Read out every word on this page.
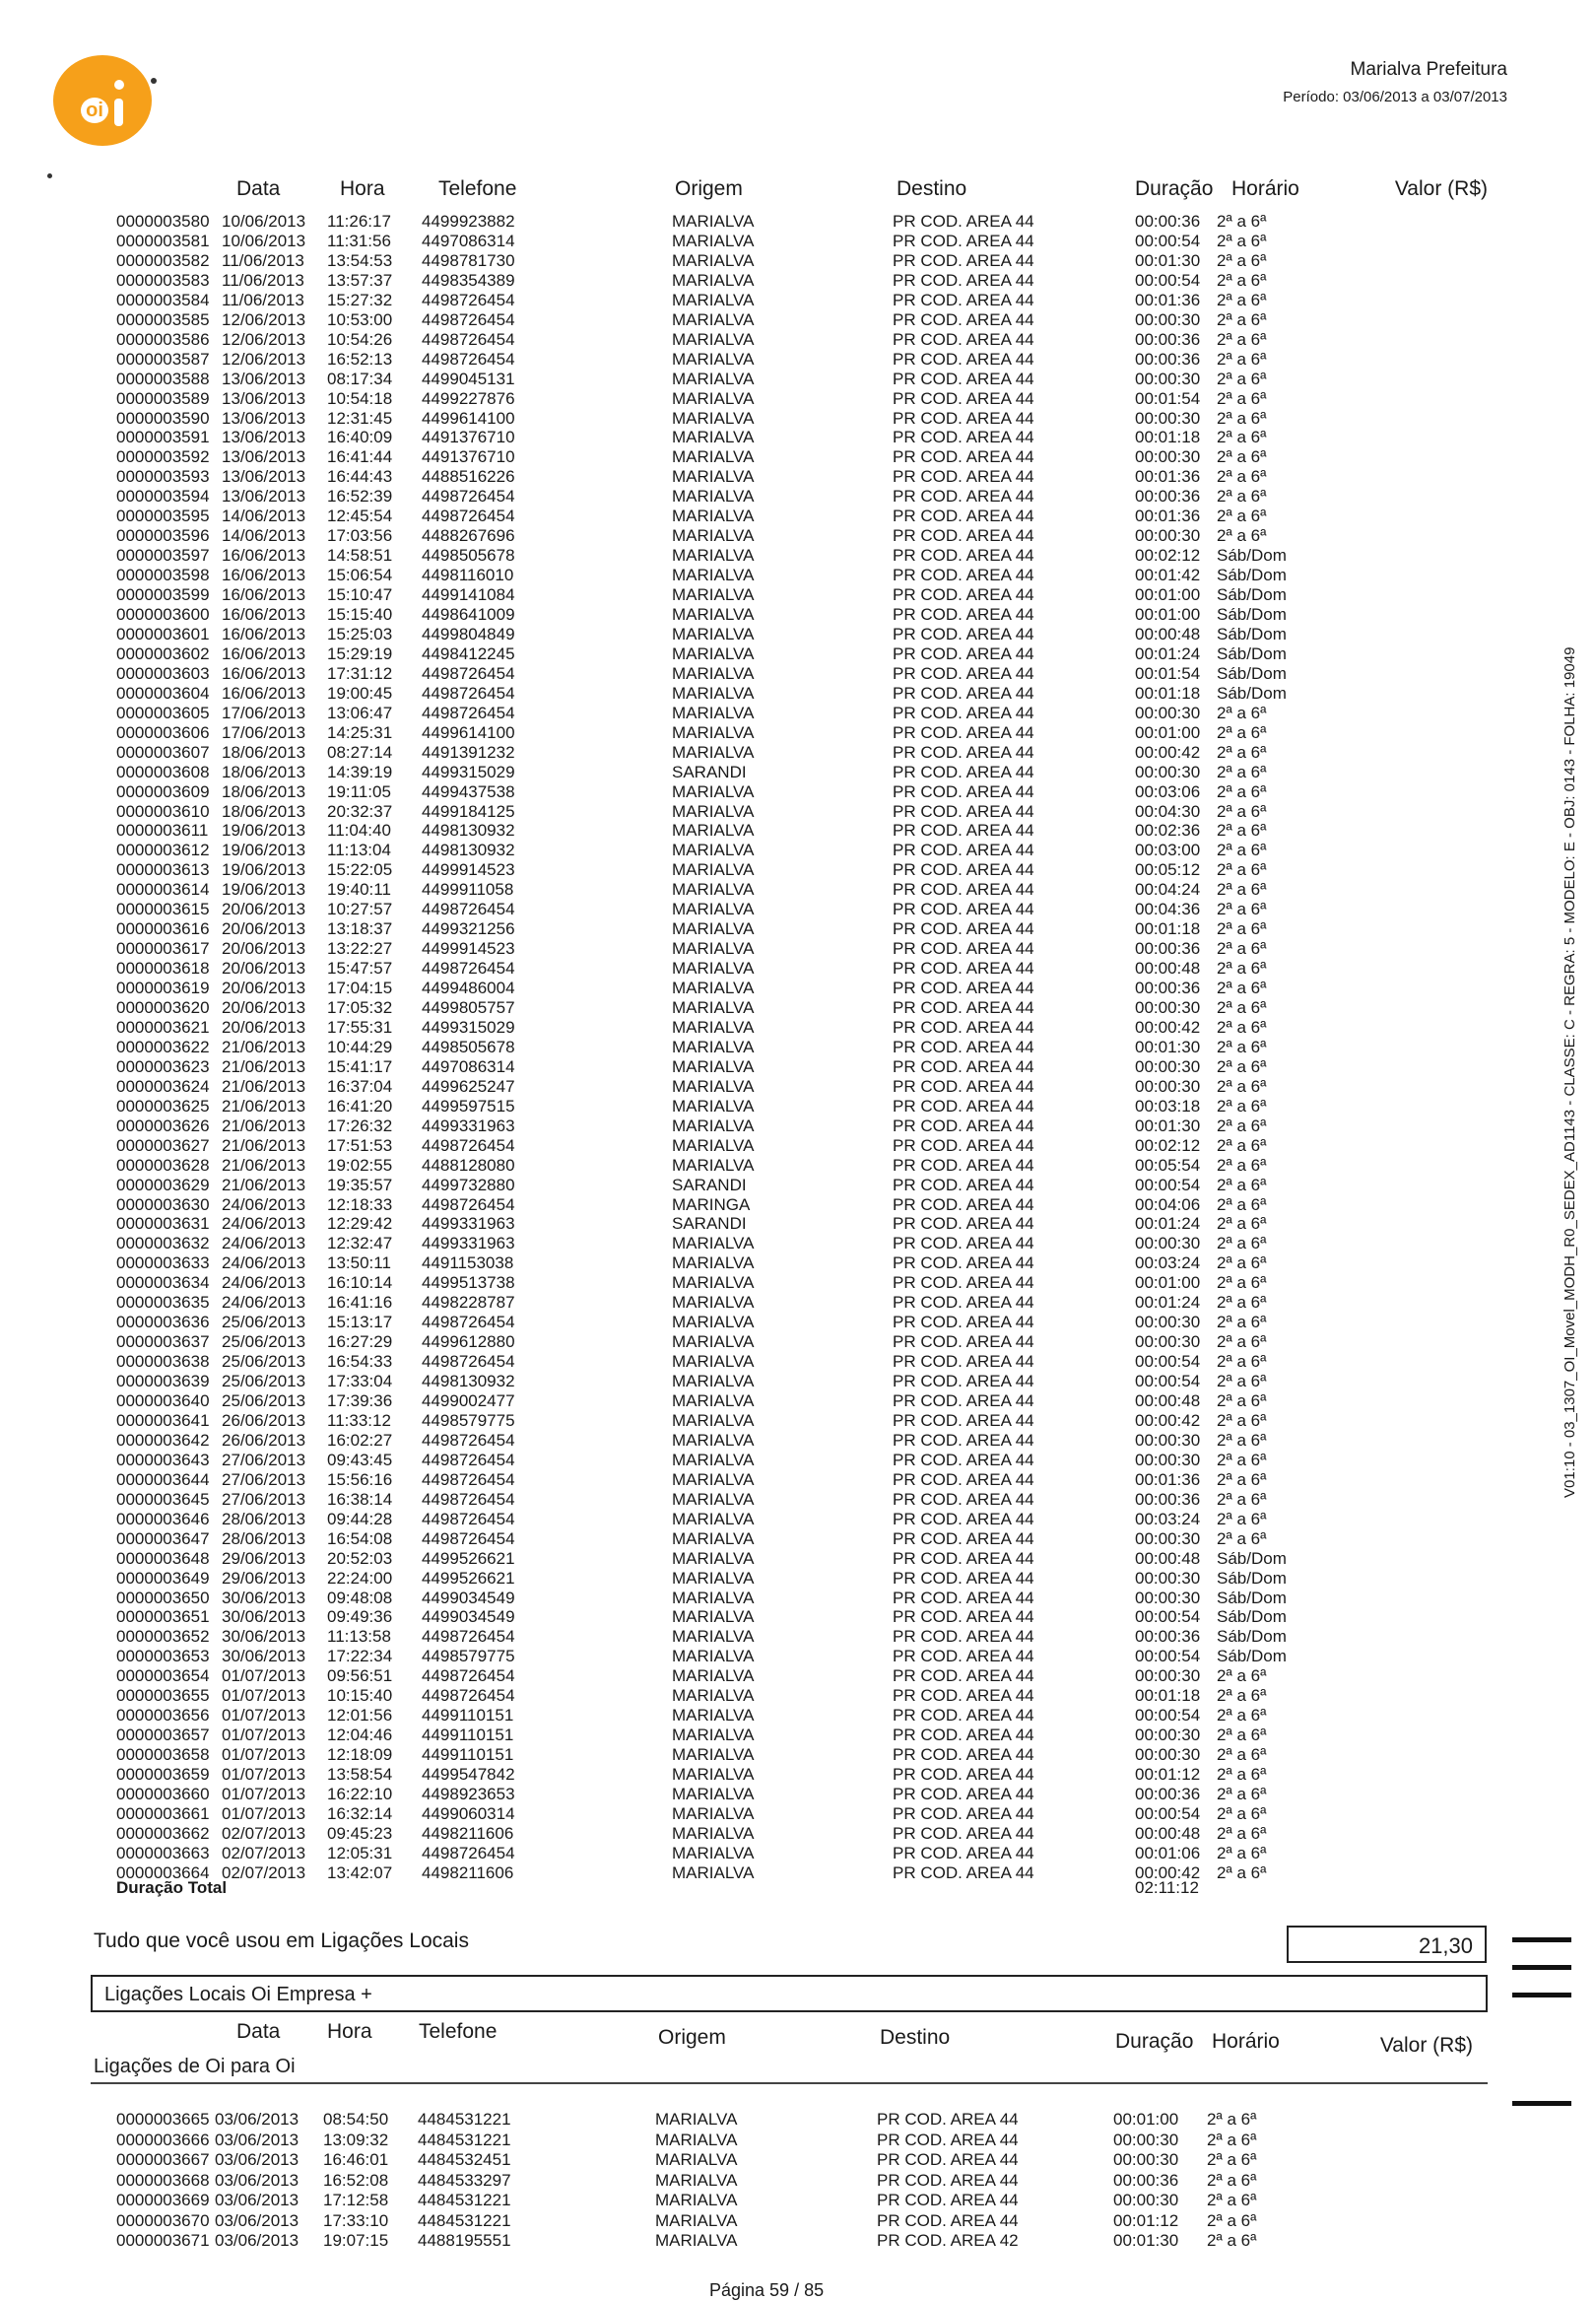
oi
Marialva Prefeitura
Período: 03/06/2013 a 03/07/2013
Data	Hora	Telefone	Origem	Destino	Duração Horário	Valor (R$)
0000003580 10/06/2013 11:26:17 4499923882	MARIALVA	PR COD. AREA 44	00:00:36 2ª a 6ª
0000003581 10/06/2013 11:31:56 4497086314	MARIALVA	PR COD. AREA 44	00:00:54 2ª a 6ª
0000003582 11/06/2013 13:54:53 4498781730	MARIALVA	PR COD. AREA 44	00:01:30 2ª a 6ª
0000003583 11/06/2013 13:57:37 4498354389	MARIALVA	PR COD. AREA 44	00:00:54 2ª a 6ª
0000003584 11/06/2013 15:27:32 4498726454	MARIALVA	PR COD. AREA 44	00:01:36 2ª a 6ª
0000003585 12/06/2013 10:53:00 4498726454	MARIALVA	PR COD. AREA 44	00:00:30 2ª a 6ª
0000003586 12/06/2013 10:54:26 4498726454	MARIALVA	PR COD. AREA 44	00:00:36 2ª a 6ª
0000003587 12/06/2013 16:52:13 4498726454	MARIALVA	PR COD. AREA 44	00:00:36 2ª a 6ª
0000003588 13/06/2013 08:17:34 4499045131	MARIALVA	PR COD. AREA 44	00:00:30 2ª a 6ª
0000003589 13/06/2013 10:54:18 4499227876	MARIALVA	PR COD. AREA 44	00:01:54 2ª a 6ª
0000003590 13/06/2013 12:31:45 4499614100	MARIALVA	PR COD. AREA 44	00:00:30 2ª a 6ª
0000003591 13/06/2013 16:40:09 4491376710	MARIALVA	PR COD. AREA 44	00:01:18 2ª a 6ª
0000003592 13/06/2013 16:41:44 4491376710	MARIALVA	PR COD. AREA 44	00:00:30 2ª a 6ª
0000003593 13/06/2013 16:44:43 4488516226	MARIALVA	PR COD. AREA 44	00:01:36 2ª a 6ª
0000003594 13/06/2013 16:52:39 4498726454	MARIALVA	PR COD. AREA 44	00:00:36 2ª a 6ª
0000003595 14/06/2013 12:45:54 4498726454	MARIALVA	PR COD. AREA 44	00:01:36 2ª a 6ª
0000003596 14/06/2013 17:03:56 4488267696	MARIALVA	PR COD. AREA 44	00:00:30 2ª a 6ª
0000003597 16/06/2013 14:58:51 4498505678	MARIALVA	PR COD. AREA 44	00:02:12 Sáb/Dom
0000003598 16/06/2013 15:06:54 4498116010	MARIALVA	PR COD. AREA 44	00:01:42 Sáb/Dom
0000003599 16/06/2013 15:10:47 4499141084	MARIALVA	PR COD. AREA 44	00:01:00 Sáb/Dom
0000003600 16/06/2013 15:15:40 4498641009	MARIALVA	PR COD. AREA 44	00:01:00 Sáb/Dom
0000003601 16/06/2013 15:25:03 4499804849	MARIALVA	PR COD. AREA 44	00:00:48 Sáb/Dom
0000003602 16/06/2013 15:29:19 4498412245	MARIALVA	PR COD. AREA 44	00:01:24 Sáb/Dom
0000003603 16/06/2013 17:31:12 4498726454	MARIALVA	PR COD. AREA 44	00:01:54 Sáb/Dom
0000003604 16/06/2013 19:00:45 4498726454	MARIALVA	PR COD. AREA 44	00:01:18 Sáb/Dom
0000003605 17/06/2013 13:06:47 4498726454	MARIALVA	PR COD. AREA 44	00:00:30 2ª a 6ª
0000003606 17/06/2013 14:25:31 4499614100	MARIALVA	PR COD. AREA 44	00:01:00 2ª a 6ª
0000003607 18/06/2013 08:27:14 4491391232	MARIALVA	PR COD. AREA 44	00:00:42 2ª a 6ª
0000003608 18/06/2013 14:39:19 4499315029	SARANDI	PR COD. AREA 44	00:00:30 2ª a 6ª
0000003609 18/06/2013 19:11:05 4499437538	MARIALVA	PR COD. AREA 44	00:03:06 2ª a 6ª
0000003610 18/06/2013 20:32:37 4499184125	MARIALVA	PR COD. AREA 44	00:04:30 2ª a 6ª
0000003611 19/06/2013 11:04:40 4498130932	MARIALVA	PR COD. AREA 44	00:02:36 2ª a 6ª
0000003612 19/06/2013 11:13:04 4498130932	MARIALVA	PR COD. AREA 44	00:03:00 2ª a 6ª
0000003613 19/06/2013 15:22:05 4499914523	MARIALVA	PR COD. AREA 44	00:05:12 2ª a 6ª
0000003614 19/06/2013 19:40:11 4499911058	MARIALVA	PR COD. AREA 44	00:04:24 2ª a 6ª
0000003615 20/06/2013 10:27:57 4498726454	MARIALVA	PR COD. AREA 44	00:04:36 2ª a 6ª
0000003616 20/06/2013 13:18:37 4499321256	MARIALVA	PR COD. AREA 44	00:01:18 2ª a 6ª
0000003617 20/06/2013 13:22:27 4499914523	MARIALVA	PR COD. AREA 44	00:00:36 2ª a 6ª
0000003618 20/06/2013 15:47:57 4498726454	MARIALVA	PR COD. AREA 44	00:00:48 2ª a 6ª
0000003619 20/06/2013 17:04:15 4499486004	MARIALVA	PR COD. AREA 44	00:00:36 2ª a 6ª
0000003620 20/06/2013 17:05:32 4499805757	MARIALVA	PR COD. AREA 44	00:00:30 2ª a 6ª
0000003621 20/06/2013 17:55:31 4499315029	MARIALVA	PR COD. AREA 44	00:00:42 2ª a 6ª
0000003622 21/06/2013 10:44:29 4498505678	MARIALVA	PR COD. AREA 44	00:01:30 2ª a 6ª
0000003623 21/06/2013 15:41:17 4497086314	MARIALVA	PR COD. AREA 44	00:00:30 2ª a 6ª
0000003624 21/06/2013 16:37:04 4499625247	MARIALVA	PR COD. AREA 44	00:00:30 2ª a 6ª
0000003625 21/06/2013 16:41:20 4499597515	MARIALVA	PR COD. AREA 44	00:03:18 2ª a 6ª
0000003626 21/06/2013 17:26:32 4499331963	MARIALVA	PR COD. AREA 44	00:01:30 2ª a 6ª
0000003627 21/06/2013 17:51:53 4498726454	MARIALVA	PR COD. AREA 44	00:02:12 2ª a 6ª
0000003628 21/06/2013 19:02:55 4488128080	MARIALVA	PR COD. AREA 44	00:05:54 2ª a 6ª
0000003629 21/06/2013 19:35:57 4499732880	SARANDI	PR COD. AREA 44	00:00:54 2ª a 6ª
0000003630 24/06/2013 12:18:33 4498726454	MARINGA	PR COD. AREA 44	00:04:06 2ª a 6ª
0000003631 24/06/2013 12:29:42 4499331963	SARANDI	PR COD. AREA 44	00:01:24 2ª a 6ª
0000003632 24/06/2013 12:32:47 4499331963	MARIALVA	PR COD. AREA 44	00:00:30 2ª a 6ª
0000003633 24/06/2013 13:50:11 4491153038	MARIALVA	PR COD. AREA 44	00:03:24 2ª a 6ª
0000003634 24/06/2013 16:10:14 4499513738	MARIALVA	PR COD. AREA 44	00:01:00 2ª a 6ª
0000003635 24/06/2013 16:41:16 4498228787	MARIALVA	PR COD. AREA 44	00:01:24 2ª a 6ª
0000003636 25/06/2013 15:13:17 4498726454	MARIALVA	PR COD. AREA 44	00:00:30 2ª a 6ª
0000003637 25/06/2013 16:27:29 4499612880	MARIALVA	PR COD. AREA 44	00:00:30 2ª a 6ª
0000003638 25/06/2013 16:54:33 4498726454	MARIALVA	PR COD. AREA 44	00:00:54 2ª a 6ª
0000003639 25/06/2013 17:33:04 4498130932	MARIALVA	PR COD. AREA 44	00:00:54 2ª a 6ª
0000003640 25/06/2013 17:39:36 4499002477	MARIALVA	PR COD. AREA 44	00:00:48 2ª a 6ª
0000003641 26/06/2013 11:33:12 4498579775	MARIALVA	PR COD. AREA 44	00:00:42 2ª a 6ª
0000003642 26/06/2013 16:02:27 4498726454	MARIALVA	PR COD. AREA 44	00:00:30 2ª a 6ª
0000003643 27/06/2013 09:43:45 4498726454	MARIALVA	PR COD. AREA 44	00:00:30 2ª a 6ª
0000003644 27/06/2013 15:56:16 4498726454	MARIALVA	PR COD. AREA 44	00:01:36 2ª a 6ª
0000003645 27/06/2013 16:38:14 4498726454	MARIALVA	PR COD. AREA 44	00:00:36 2ª a 6ª
0000003646 28/06/2013 09:44:28 4498726454	MARIALVA	PR COD. AREA 44	00:03:24 2ª a 6ª
0000003647 28/06/2013 16:54:08 4498726454	MARIALVA	PR COD. AREA 44	00:00:30 2ª a 6ª
0000003648 29/06/2013 20:52:03 4499526621	MARIALVA	PR COD. AREA 44	00:00:48 Sáb/Dom
0000003649 29/06/2013 22:24:00 4499526621	MARIALVA	PR COD. AREA 44	00:00:30 Sáb/Dom
0000003650 30/06/2013 09:48:08 4499034549	MARIALVA	PR COD. AREA 44	00:00:30 Sáb/Dom
0000003651 30/06/2013 09:49:36 4499034549	MARIALVA	PR COD. AREA 44	00:00:54 Sáb/Dom
0000003652 30/06/2013 11:13:58 4498726454	MARIALVA	PR COD. AREA 44	00:00:36 Sáb/Dom
0000003653 30/06/2013 17:22:34 4498579775	MARIALVA	PR COD. AREA 44	00:00:54 Sáb/Dom
0000003654 01/07/2013 09:56:51 4498726454	MARIALVA	PR COD. AREA 44	00:00:30 2ª a 6ª
0000003655 01/07/2013 10:15:40 4498726454	MARIALVA	PR COD. AREA 44	00:01:18 2ª a 6ª
0000003656 01/07/2013 12:01:56 4499110151	MARIALVA	PR COD. AREA 44	00:00:54 2ª a 6ª
0000003657 01/07/2013 12:04:46 4499110151	MARIALVA	PR COD. AREA 44	00:00:30 2ª a 6ª
0000003658 01/07/2013 12:18:09 4499110151	MARIALVA	PR COD. AREA 44	00:00:30 2ª a 6ª
0000003659 01/07/2013 13:58:54 4499547842	MARIALVA	PR COD. AREA 44	00:01:12 2ª a 6ª
0000003660 01/07/2013 16:22:10 4498923653	MARIALVA	PR COD. AREA 44	00:00:36 2ª a 6ª
0000003661 01/07/2013 16:32:14 4499060314	MARIALVA	PR COD. AREA 44	00:00:54 2ª a 6ª
0000003662 02/07/2013 09:45:23 4498211606	MARIALVA	PR COD. AREA 44	00:00:48 2ª a 6ª
0000003663 02/07/2013 12:05:31 4498726454	MARIALVA	PR COD. AREA 44	00:01:06 2ª a 6ª
0000003664 02/07/2013 13:42:07 4498211606	MARIALVA	PR COD. AREA 44	00:00:42 2ª a 6ª
Duração Total	02:11:12
Tudo que você usou em Ligações Locais	21,30
Ligações Locais Oi Empresa +
Data Hora Telefone	Origem	Destino	Duração Horário	Valor (R$)
Ligações de Oi para Oi
0000003665 03/06/2013 08:54:50 4484531221	MARIALVA	PR COD. AREA 44	00:01:00 2ª a 6ª
0000003666 03/06/2013 13:09:32 4484531221	MARIALVA	PR COD. AREA 44	00:00:30 2ª a 6ª
0000003667 03/06/2013 16:46:01 4484532451	MARIALVA	PR COD. AREA 44	00:00:30 2ª a 6ª
0000003668 03/06/2013 16:52:08 4484533297	MARIALVA	PR COD. AREA 44	00:00:36 2ª a 6ª
0000003669 03/06/2013 17:12:58 4484531221	MARIALVA	PR COD. AREA 44	00:00:30 2ª a 6ª
0000003670 03/06/2013 17:33:10 4484531221	MARIALVA	PR COD. AREA 44	00:01:12 2ª a 6ª
0000003671 03/06/2013 19:07:15 4488195551	MARIALVA	PR COD. AREA 42	00:01:30 2ª a 6ª
V01:10 - 03_1307_OI_Movel_MODH_R0_SEDEX_AD1143 - CLASSE: C - REGRA: 5 - MODELO: E - OBJ: 0143 - FOLHA: 19049
Página 59 / 85
